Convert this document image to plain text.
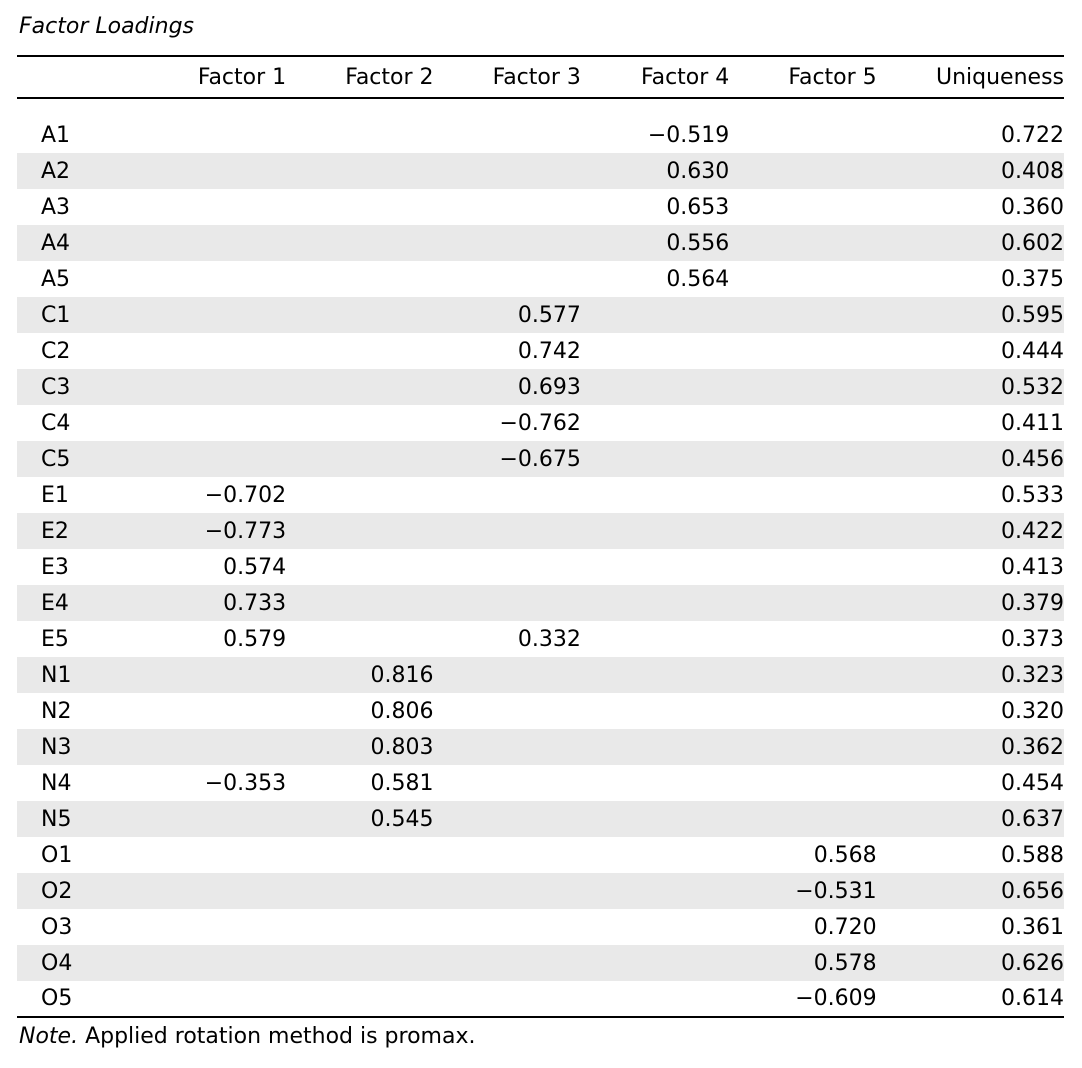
Factor Loadings
	Factor 1	Factor 2	Factor 3	Factor 4	Factor 5	Uniqueness

A1				−0.519		0.722
A2				0.630		0.408
A3				0.653		0.360
A4				0.556		0.602
A5				0.564		0.375
C1			0.577			0.595
C2			0.742			0.444
C3			0.693			0.532
C4			−0.762			0.411
C5			−0.675			0.456
E1	−0.702					0.533
E2	−0.773					0.422
E3	0.574					0.413
E4	0.733					0.379
E5	0.579		0.332			0.373
N1		0.816				0.323
N2		0.806				0.320
N3		0.803				0.362
N4	−0.353	0.581				0.454
N5		0.545				0.637
O1					0.568	0.588
O2					−0.531	0.656
O3					0.720	0.361
O4					0.578	0.626
O5					−0.609	0.614
Note. Applied rotation method is promax.
